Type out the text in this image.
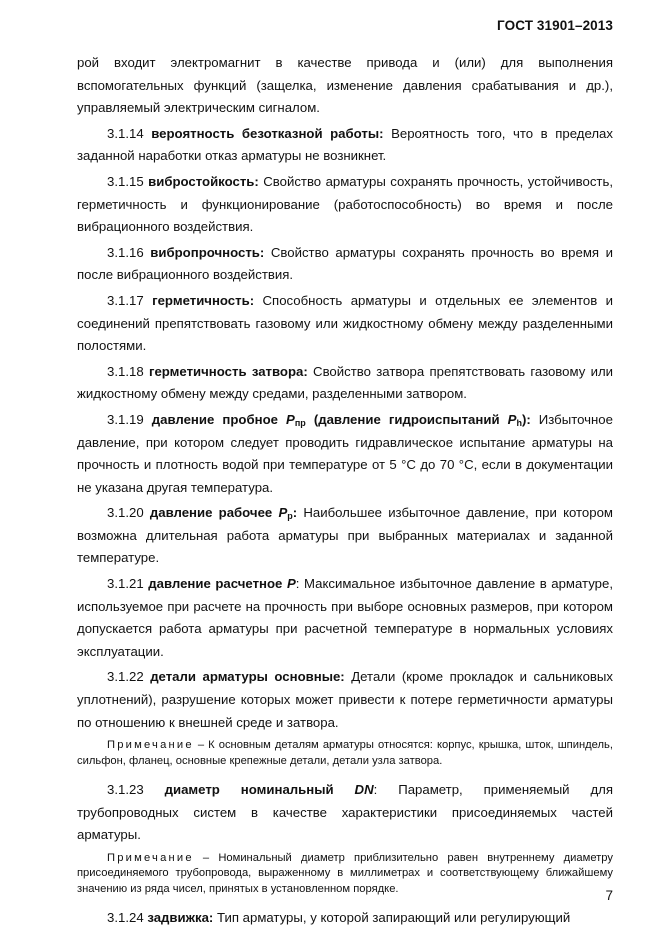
ГОСТ 31901–2013

рой входит электромагнит в качестве привода и (или) для выполнения вспомогательных функций (защелка, изменение давления срабатывания и др.), управляемый электрическим сигналом.

3.1.14 вероятность безотказной работы: Вероятность того, что в пределах заданной наработки отказ арматуры не возникнет.

3.1.15 вибростойкость: Свойство арматуры сохранять прочность, устойчивость, герметичность и функционирование (работоспособность) во время и после вибрационного воздействия.

3.1.16 вибропрочность: Свойство арматуры сохранять прочность во время и после вибрационного воздействия.

3.1.17 герметичность: Способность арматуры и отдельных ее элементов и соединений препятствовать газовому или жидкостному обмену между разделенными полостями.

3.1.18 герметичность затвора: Свойство затвора препятствовать газовому или жидкостному обмену между средами, разделенными затвором.

3.1.19 давление пробное $P_{пр}$ (давление гидроиспытаний $P_h$): Избыточное давление, при котором следует проводить гидравлическое испытание арматуры на прочность и плотность водой при температуре от 5 °С до 70 °С, если в документации не указана другая температура.

3.1.20 давление рабочее $P_р$: Наибольшее избыточное давление, при котором возможна длительная работа арматуры при выбранных материалах и заданной температуре.

3.1.21 давление расчетное P: Максимальное избыточное давление в арматуре, используемое при расчете на прочность при выборе основных размеров, при котором допускается работа арматуры при расчетной температуре в нормальных условиях эксплуатации.

3.1.22 детали арматуры основные: Детали (кроме прокладок и сальниковых уплотнений), разрушение которых может привести к потере герметичности арматуры по отношению к внешней среде и затвора.

Примечание – К основным деталям арматуры относятся: корпус, крышка, шток, шпиндель, сильфон, фланец, основные крепежные детали, детали узла затвора.

3.1.23 диаметр номинальный DN: Параметр, применяемый для трубопроводных систем в качестве характеристики присоединяемых частей арматуры.

Примечание – Номинальный диаметр приблизительно равен внутреннему диаметру присоединяемого трубопровода, выраженному в миллиметрах и соответствующему ближайшему значению из ряда чисел, принятых в установленном порядке.

3.1.24 задвижка: Тип арматуры, у которой запирающий или регулирующий

7
